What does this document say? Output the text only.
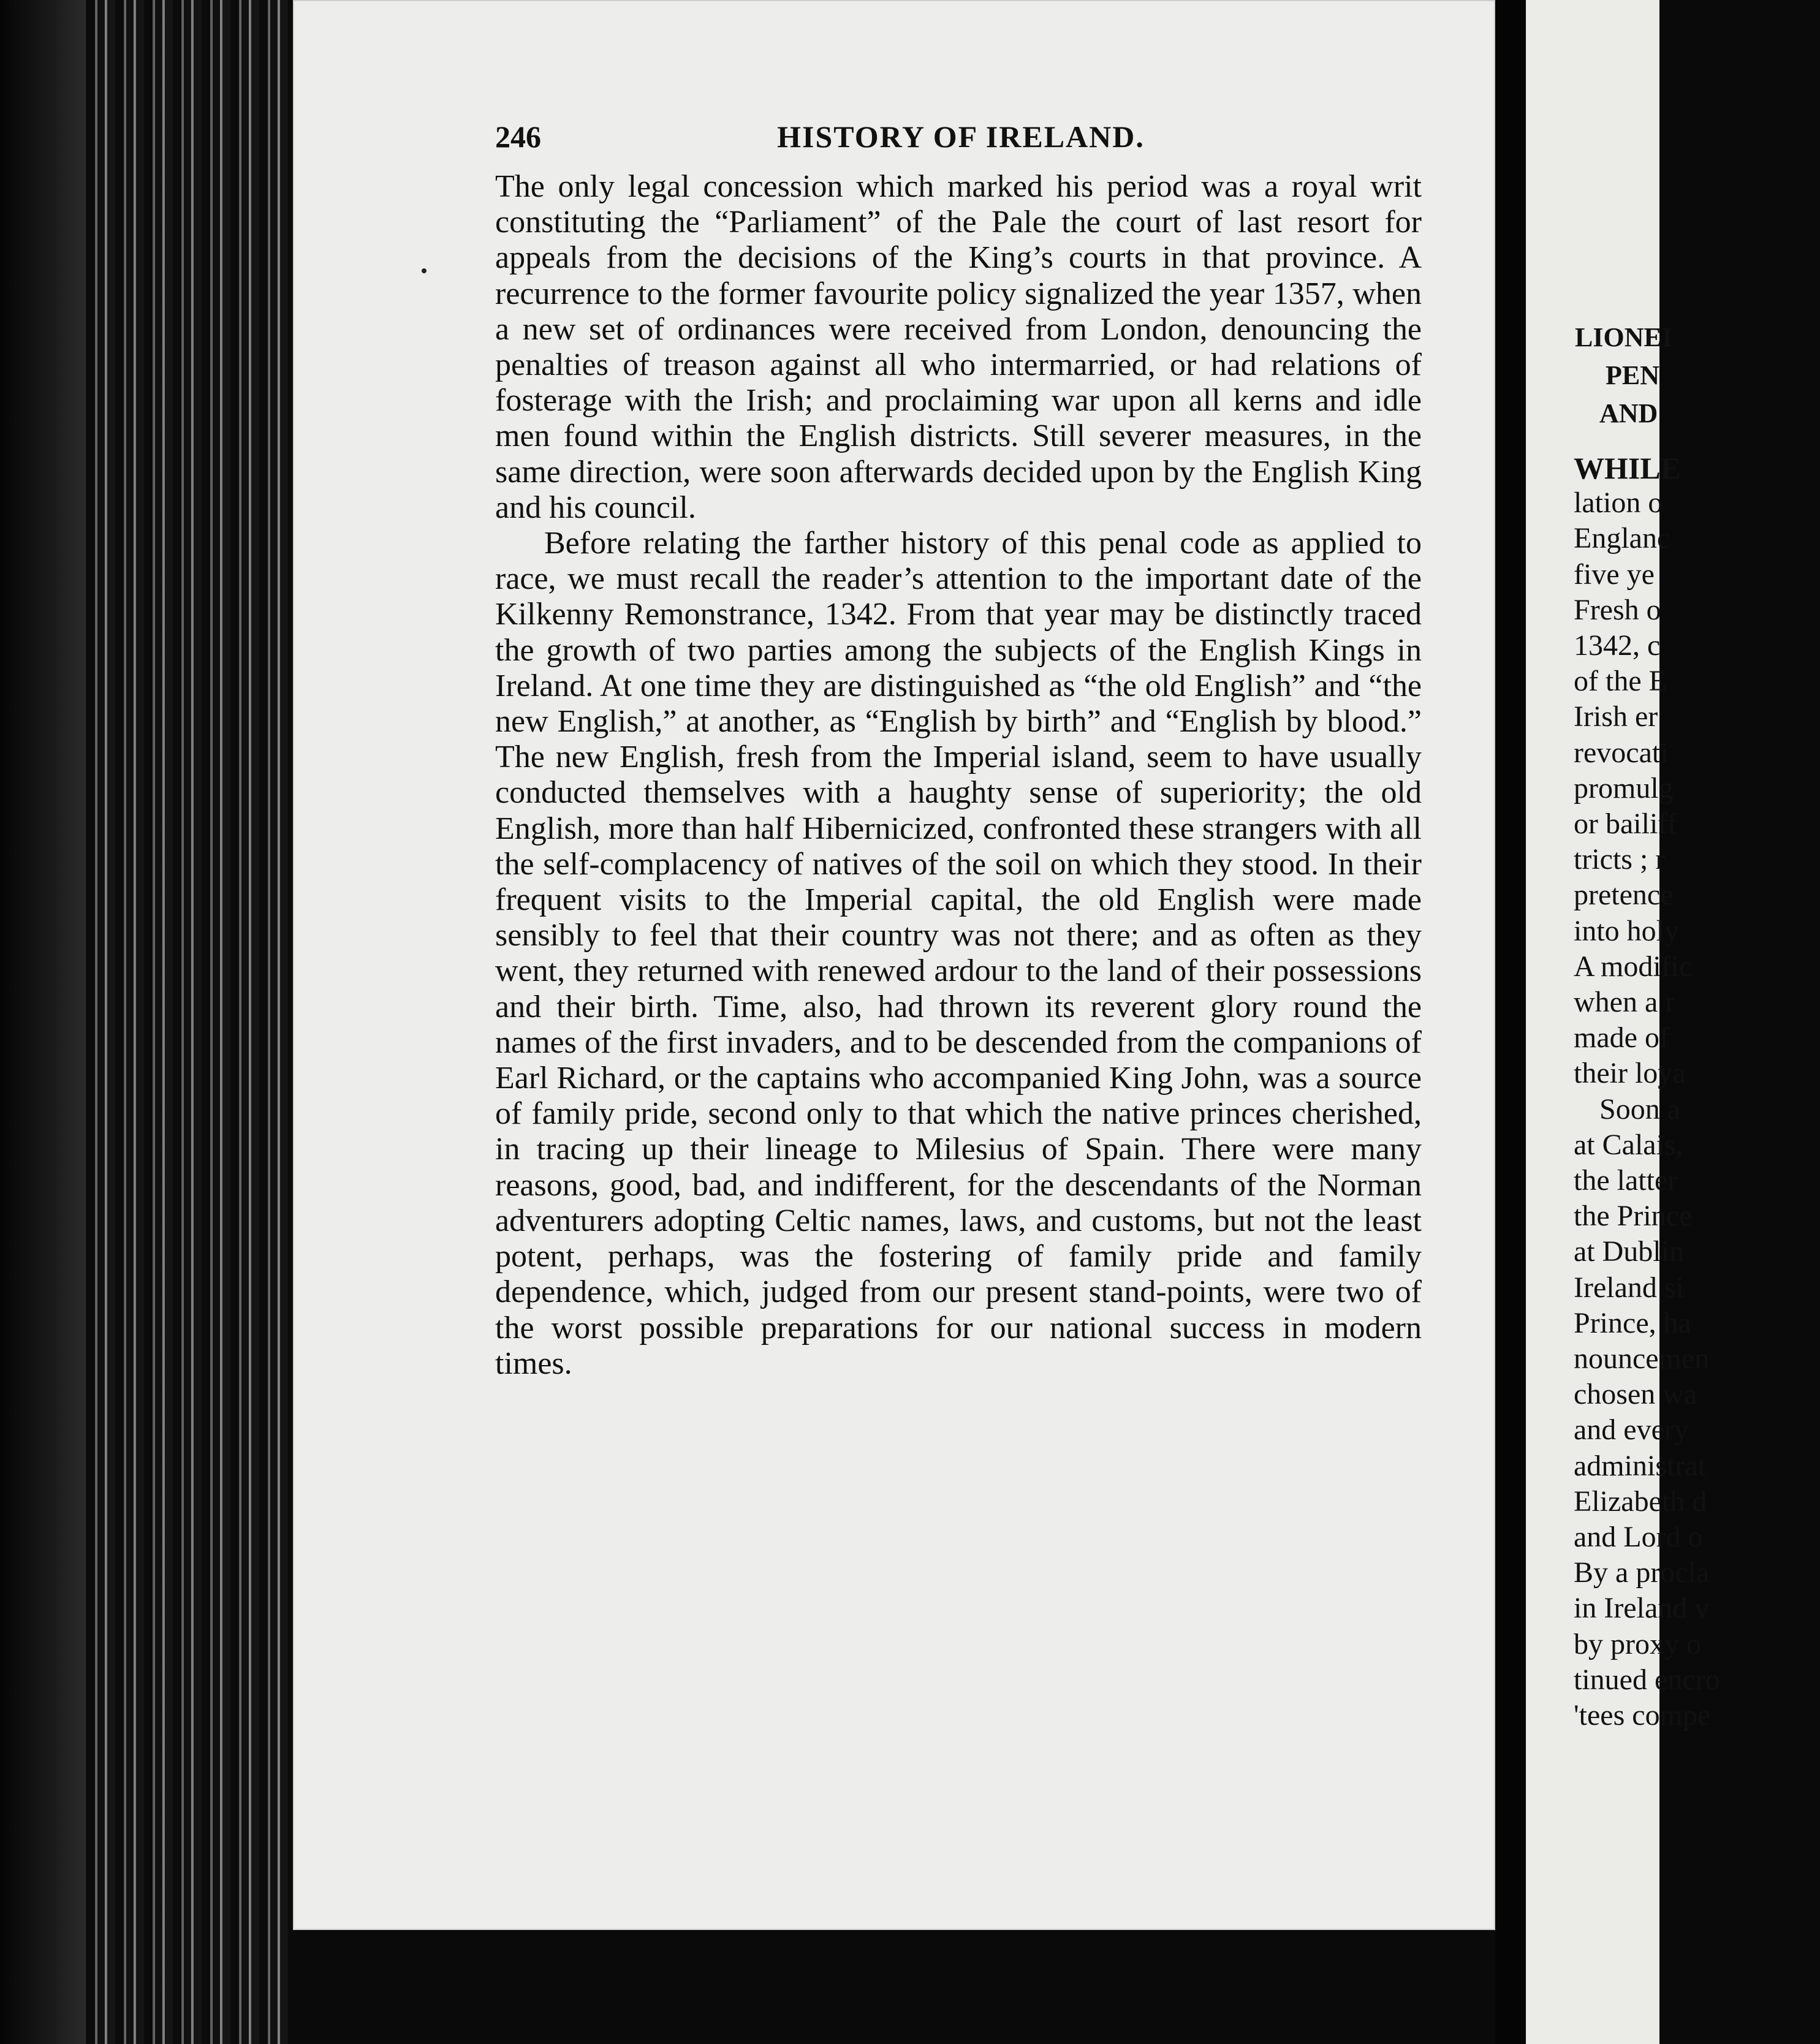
246	HISTORY OF IRELAND.

The only legal concession which marked his period was a royal writ constituting the “Parliament” of the Pale the court of last resort for appeals from the decisions of the King’s courts in that province. A recurrence to the former favourite policy signalized the year 1357, when a new set of ordinances were received from London, denouncing the penalties of treason against all who intermarried, or had relations of fosterage with the Irish; and proclaiming war upon all kerns and idle men found within the English districts. Still severer measures, in the same direction, were soon afterwards decided upon by the English King and his council.

Before relating the farther history of this penal code as applied to race, we must recall the reader’s attention to the important date of the Kilkenny Remonstrance, 1342. From that year may be distinctly traced the growth of two parties among the subjects of the English Kings in Ireland. At one time they are distinguished as “the old English” and “the new English,” at another, as “English by birth” and “English by blood.” The new English, fresh from the Imperial island, seem to have usually conducted themselves with a haughty sense of superiority; the old English, more than half Hibernicized, confronted these strangers with all the self-complacency of natives of the soil on which they stood. In their frequent visits to the Imperial capital, the old English were made sensibly to feel that their country was not there; and as often as they went, they returned with renewed ardour to the land of their possessions and their birth. Time, also, had thrown its reverent glory round the names of the first invaders, and to be descended from the companions of Earl Richard, or the captains who accompanied King John, was a source of family pride, second only to that which the native princes cherished, in tracing up their lineage to Milesius of Spain. There were many reasons, good, bad, and indifferent, for the descendants of the Norman adventurers adopting Celtic names, laws, and customs, but not the least potent, perhaps, was the fostering of family pride and family dependence, which, judged from our present stand-points, were two of the worst possible preparations for our national success in modern times.

LIONEI
PEN
AND
WHILE
lation o
Englanc
five ye
Fresh o
1342, c
of the E
Irish er
revocati
promulg
or bailiff
tricts ; r
pretence
into holy
A modific
when a r
made of
their loya
Soon a
at Calais,
the latter
the Prince
at Dublin
Ireland si
Prince, ha
nouncemen
chosen wa
and every
administrat
Elizabeth d
and Lord o
By a procla
in Ireland v
by proxy o
tinued encro
'tees compe
